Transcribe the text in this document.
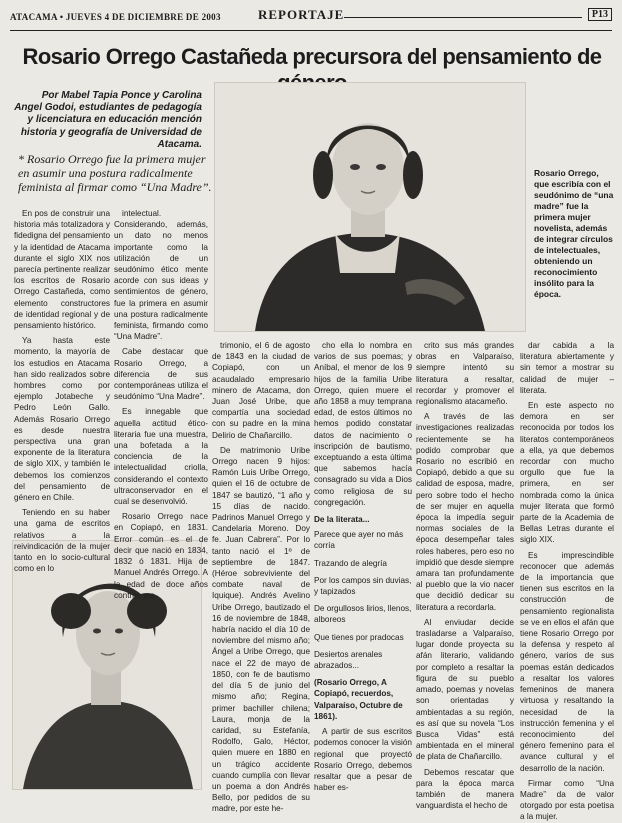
ATACAMA • JUEVES 4 DE DICIEMBRE DE 2003	REPORTAJE	P13
Rosario Orrego Castañeda precursora del pensamiento de
Por Mabel Tapia Ponce y Carolina Angel Godoi, estudiantes de pedagogía y licenciatura en educación mención historia y geografía de Universidad de Atacama.
* Rosario Orrego fue la primera mujer en asumir una postura radicalmente feminista al firmar como “Una Madre”.
Rosario Orrego, que escribía con el seudónimo de “una madre” fue la primera mujer novelista, además de integrar círculos de intelectuales, obteniendo un reconocimiento insólito para la época.

En pos de construir una historia más totalizadora y fidedigna del pensamiento y la identidad de Atacama durante el siglo XIX nos parecía pertinente realizar los escritos de Rosario Orrego Castañeda, como elemento constructores de identidad regional y de pensamiento histórico.

Ya hasta este momento, la mayoría de los estudios en Atacama han sido realizados sobre hombres como por ejemplo Jotabeche y Pedro León Gallo. Además Rosario Orrego es desde nuestra perspectiva una gran exponente de la literatura de siglo XIX, y también le debemos los comienzos del pensamiento de género en Chile.

Teniendo en su haber una gama de escritos relativos a la reivindicación de la mujer tanto en lo socio-cultural como en lo

intelectual. Considerando, además, un dato no menos importante como la utilización de un seudónimo ético mente acorde con sus ideas y sentimientos de género, fue la primera en asumir una postura radicalmente feminista, firmando como “Una Madre”.

Cabe destacar que Rosario Orrego, a diferencia de sus contemporáneas utiliza el seudónimo “Una Madre”.

Es innegable que aquella actitud ético-literaria fue una muestra, una bofetada a la conciencia de la intelectualidad criolla, considerando el contexto ultraconservador en el cual se desenvolvió.

Rosario Orrego nace en Copiapó, en 1831. Error común es el de decir que nació en 1834, 1832 ó 1831. Hija de Manuel Andrés Orrego. A la edad de doce años contrae ma-

trimonio, el 6 de agosto de 1843 en la ciudad de Copiapó, con un acaudalado empresario minero de Atacama, don Juan José Uribe, que compartía una sociedad con su padre en la mina Delirio de Chañarcillo.

De matrimonio Uribe Orrego nacen 9 hijos: Ramón Luis Uribe Orrego, quien el 16 de octubre de 1847 se bautizó, “1 año y 15 días de nacido. Padrinos Manuel Orrego y Candelaria Moreno. Doy fe. Juan Cabrera”. Por lo tanto nació el 1º de septiembre de 1847. (Héroe sobreviviente del combate naval de Iquique). Andrés Avelino Uribe Orrego, bautizado el 16 de noviembre de 1848, habría nacido el día 10 de noviembre del mismo año; Ángel a Uribe Orrego, que nace el 22 de mayo de 1850, con fe de bautismo del día 5 de junio del mismo año; Regina, primer bachiller chilena; Laura, monja de la caridad, su Estefanía, Rodolfo, Galo, Héctor, quien muere en 1880 en un trágico accidente cuando cumplía con llevar un poema a don Andrés Bello, por pedidos de su madre, por este he-

cho ella lo nombra en varios de sus poemas; y Aníbal, el menor de los 9 hijos de la familia Uribe Orrego, quien muere el año 1858 a muy temprana edad, de estos últimos no hemos podido constatar datos de nacimiento o inscripción de bautismo, exceptuando a esta última que sabemos hacía consagrado su vida a Dios como religiosa de su congregación.

De la literata...

Parece que ayer no más corría

Trazando de alegría

Por los campos sin duvias, y tapizados

De orgullosos lirios, llenos, alboreos

Que tienes por pradocas

Desiertos arenales abrazados...

(Rosario Orrego, A Copiapó, recuerdos, Valparaíso, Octubre de 1861).

A partir de sus escritos podemos conocer la visión regional que proyectó Rosario Orrego, debemos resaltar que a pesar de haber es-

crito sus más grandes obras en Valparaíso, siempre intentó su literatura a resaltar, recordar y promover el regionalismo atacameño.

A través de las investigaciones realizadas recientemente se ha podido comprobar que Rosario no escribió en Copiapó, debido a que su calidad de esposa, madre, pero sobre todo el hecho de ser mujer en aquella época la impedía seguir normas sociales de la época desempeñar tales roles haberes, pero eso no impidió que desde siempre amara tan profundamente al pueblo que la vio nacer que decidió dedicar su literatura a recordarla.

Al enviudar decide trasladarse a Valparaíso, lugar donde proyecta su afán literario, validando por completo a resaltar la figura de su pueblo amado, poemas y novelas son orientadas y ambientadas a su región, es así que su novela “Los Busca Vidas” está ambientada en el mineral de plata de Chañarcillo.

Debemos rescatar que para la época marca también de manera vanguardista el hecho de

dar cabida a la literatura abiertamente y sin temor a mostrar su calidad de mujer – literata.

En este aspecto no demora en ser reconocida por todos los literatos contemporáneos a ella, ya que debemos recordar con mucho orgullo que fue la primera, en ser nombrada como la única mujer literata que formó parte de la Academia de Bellas Letras durante el siglo XIX.

Es imprescindible reconocer que además de la importancia que tienen sus escritos en la construcción de pensamiento regionalista se ve en ellos el afán que tiene Rosario Orrego por la defensa y respeto al género, varios de sus poemas están dedicados a resaltar los valores femeninos de manera virtuosa y resaltando la necesidad de la instrucción femenina y el reconocimiento del género femenino para el avance cultural y el desarrollo de la nación.

Firmar como “Una Madre” da de valor otorgado por esta poetisa a la mujer.
